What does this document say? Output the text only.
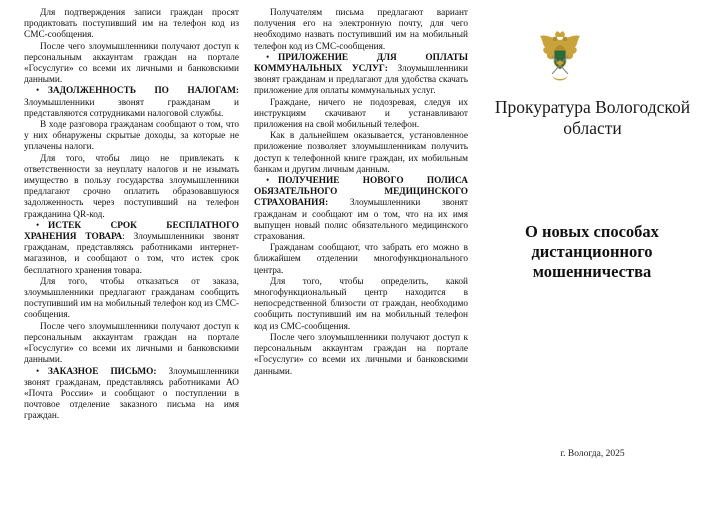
Для подтверждения записи граждан просят продиктовать поступивший им на телефон код из СМС-сообщения.

После чего злоумышленники получают доступ к персональным аккаунтам граждан на портале «Госуслуги» со всеми их личными и банковскими данными.

• ЗАДОЛЖЕННОСТЬ ПО НАЛОГАМ: Злоумышленники звонят гражданам и представляются сотрудниками налоговой службы.

В ходе разговора гражданам сообщают о том, что у них обнаружены скрытые доходы, за которые не уплачены налоги.

Для того, чтобы лицо не привлекать к ответственности за неуплату налогов и не изымать имущество в пользу государства злоумышленники предлагают срочно оплатить образовавшуюся задолженность через поступивший на телефон гражданина QR-код.

• ИСТЕК СРОК БЕСПЛАТНОГО ХРАНЕНИЯ ТОВАРА: Злоумышленники звонят гражданам, представляясь работниками интернет-магазинов, и сообщают о том, что истек срок бесплатного хранения товара.

Для того, чтобы отказаться от заказа, злоумышленники предлагают гражданам сообщить поступивший им на мобильный телефон код из СМС-сообщения.

После чего злоумышленники получают доступ к персональным аккаунтам граждан на портале «Госуслуги» со всеми их личными и банковскими данными.

• ЗАКАЗНОЕ ПИСЬМО: Злоумышленники звонят гражданам, представляясь работниками АО «Почта России» и сообщают о поступлении в почтовое отделение заказного письма на имя граждан.

Получателям письма предлагают вариант получения его на электронную почту, для чего необходимо назвать поступивший им на мобильный телефон код из СМС-сообщения.

• ПРИЛОЖЕНИЕ ДЛЯ ОПЛАТЫ КОММУНАЛЬНЫХ УСЛУГ: Злоумышленники звонят гражданам и предлагают для удобства скачать приложение для оплаты коммунальных услуг.

Граждане, ничего не подозревая, следуя их инструкциям скачивают и устанавливают приложения на свой мобильный телефон.

Как в дальнейшем оказывается, установленное приложение позволяет злоумышленникам получить доступ к телефонной книге граждан, их мобильным банкам и другим личным данным.

• ПОЛУЧЕНИЕ НОВОГО ПОЛИСА ОБЯЗАТЕЛЬНОГО МЕДИЦИНСКОГО СТРАХОВАНИЯ: Злоумышленники звонят гражданам и сообщают им о том, что на их имя выпущен новый полис обязательного медицинского страхования.

Гражданам сообщают, что забрать его можно в ближайшем отделении многофункционального центра.

Для того, чтобы определить, какой многофункциональный центр находится в непосредственной близости от граждан, необходимо сообщить поступивший им на мобильный телефон код из СМС-сообщения.

После чего злоумышленники получают доступ к персональным аккаунтам граждан на портале «Госуслуги» со всеми их личными и банковскими данными.

Прокуратура Вологодской области
О новых способах дистанционного мошенничества
г. Вологда, 2025
